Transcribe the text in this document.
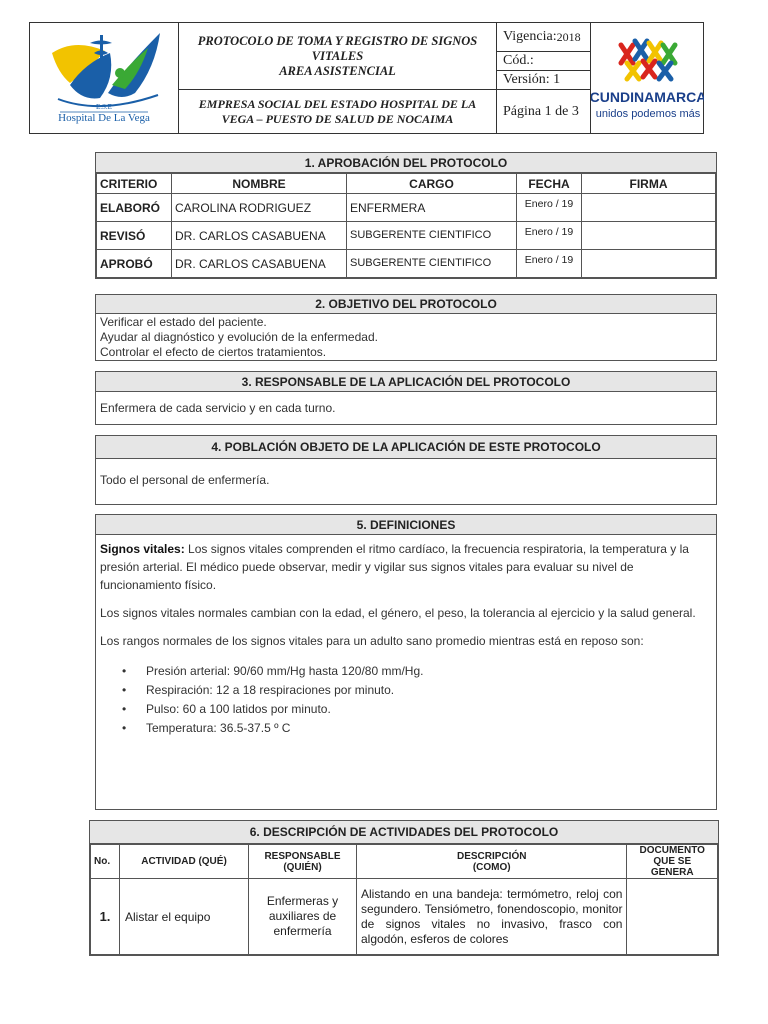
E.S.E
Hospital De La Vega
PROTOCOLO DE TOMA Y REGISTRO DE SIGNOS VITALES
AREA ASISTENCIAL
EMPRESA SOCIAL DEL ESTADO HOSPITAL DE LA VEGA – PUESTO DE SALUD DE NOCAIMA
Vigencia: 2018
Cód.:
Versión: 1
Página 1 de 3
CUNDINAMARCA
unidos podemos más
1. APROBACIÓN DEL PROTOCOLO
CRITERIO	NOMBRE	CARGO	FECHA	FIRMA
ELABORÓ	CAROLINA RODRIGUEZ	ENFERMERA	Enero / 19	
REVISÓ	DR. CARLOS CASABUENA	SUBGERENTE CIENTIFICO	Enero / 19	
APROBÓ	DR. CARLOS CASABUENA	SUBGERENTE CIENTIFICO	Enero / 19	
2. OBJETIVO DEL PROTOCOLO
Verificar el estado del paciente.
Ayudar al diagnóstico y evolución de la enfermedad.
Controlar el efecto de ciertos tratamientos.
3. RESPONSABLE DE LA APLICACIÓN DEL PROTOCOLO
Enfermera de cada servicio y en cada turno.
4. POBLACIÓN OBJETO DE LA APLICACIÓN DE ESTE PROTOCOLO
Todo el personal de enfermería.
5. DEFINICIONES

Signos vitales: Los signos vitales comprenden el ritmo cardíaco, la frecuencia respiratoria, la temperatura y la presión arterial. El médico puede observar, medir y vigilar sus signos vitales para evaluar su nivel de funcionamiento físico.

Los signos vitales normales cambian con la edad, el género, el peso, la tolerancia al ejercicio y la salud general.

Los rangos normales de los signos vitales para un adulto sano promedio mientras está en reposo son:

• Presión arterial: 90/60 mm/Hg hasta 120/80 mm/Hg.
• Respiración: 12 a 18 respiraciones por minuto.
• Pulso: 60 a 100 latidos por minuto.
• Temperatura: 36.5-37.5 º C
6. DESCRIPCIÓN DE ACTIVIDADES DEL PROTOCOLO
No.	ACTIVIDAD (QUÉ)	RESPONSABLE (QUIÉN)	DESCRIPCIÓN (COMO)	DOCUMENTO QUE SE GENERA
1.	Alistar el equipo	Enfermeras y auxiliares de enfermería	Alistando en una bandeja: termómetro, reloj con segundero. Tensiómetro, fonendoscopio, monitor de signos vitales no invasivo, frasco con algodón, esferos de colores	
